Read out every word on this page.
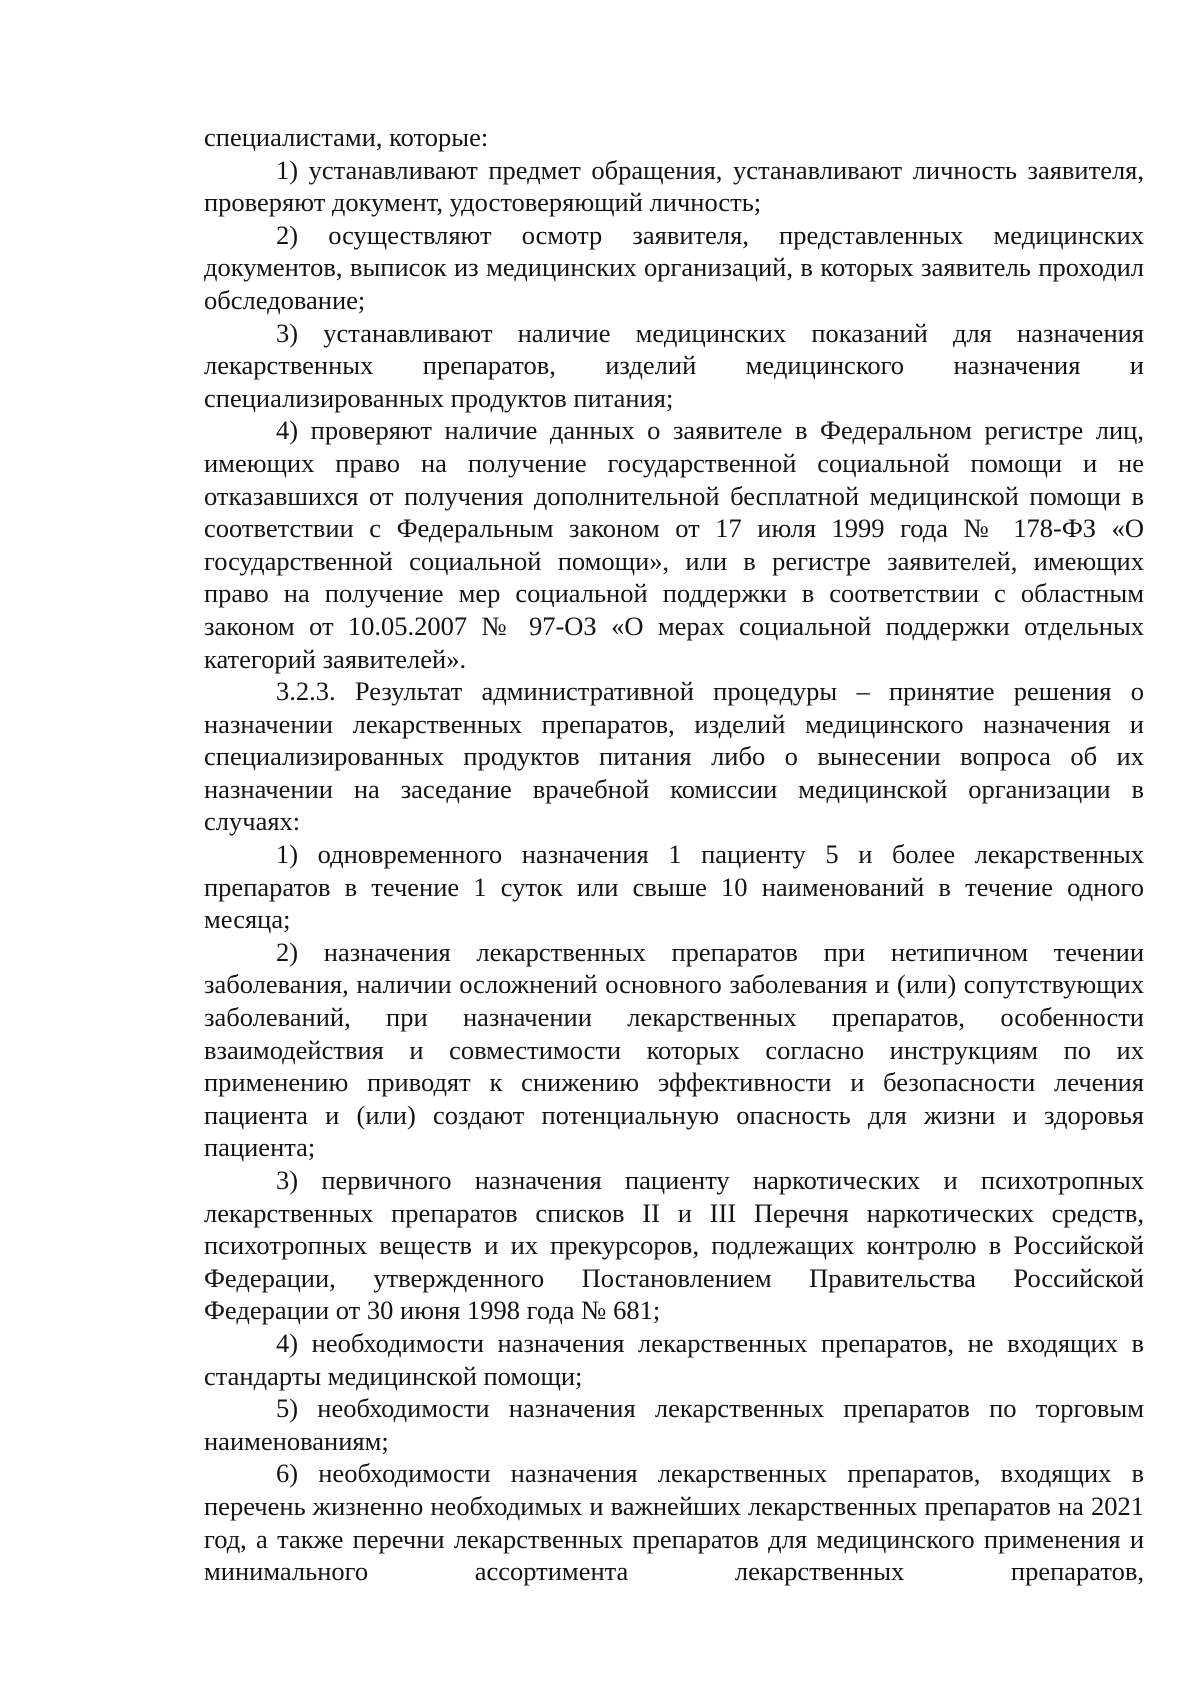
специалистами, которые:

1) устанавливают предмет обращения, устанавливают личность заявителя, проверяют документ, удостоверяющий личность;

2) осуществляют осмотр заявителя, представленных медицинских документов, выписок из медицинских организаций, в которых заявитель проходил обследование;

3) устанавливают наличие медицинских показаний для назначения лекарственных препаратов, изделий медицинского назначения и специализированных продуктов питания;

4) проверяют наличие данных о заявителе в Федеральном регистре лиц, имеющих право на получение государственной социальной помощи и не отказавшихся от получения дополнительной бесплатной медицинской помощи в соответствии с Федеральным законом от 17 июля 1999 года № 178-ФЗ «О государственной социальной помощи», или в регистре заявителей, имеющих право на получение мер социальной поддержки в соответствии с областным законом от 10.05.2007 № 97-ОЗ «О мерах социальной поддержки отдельных категорий заявителей».

3.2.3. Результат административной процедуры – принятие решения о назначении лекарственных препаратов, изделий медицинского назначения и специализированных продуктов питания либо о вынесении вопроса об их назначении на заседание врачебной комиссии медицинской организации в случаях:

1) одновременного назначения 1 пациенту 5 и более лекарственных препаратов в течение 1 суток или свыше 10 наименований в течение одного месяца;

2) назначения лекарственных препаратов при нетипичном течении заболевания, наличии осложнений основного заболевания и (или) сопутствующих заболеваний, при назначении лекарственных препаратов, особенности взаимодействия и совместимости которых согласно инструкциям по их применению приводят к снижению эффективности и безопасности лечения пациента и (или) создают потенциальную опасность для жизни и здоровья пациента;

3) первичного назначения пациенту наркотических и психотропных лекарственных препаратов списков II и III Перечня наркотических средств, психотропных веществ и их прекурсоров, подлежащих контролю в Российской Федерации, утвержденного Постановлением Правительства Российской Федерации от 30 июня 1998 года № 681;

4) необходимости назначения лекарственных препаратов, не входящих в стандарты медицинской помощи;

5) необходимости назначения лекарственных препаратов по торговым наименованиям;

6) необходимости назначения лекарственных препаратов, входящих в перечень жизненно необходимых и важнейших лекарственных препаратов на 2021 год, а также перечни лекарственных препаратов для медицинского применения и минимального ассортимента лекарственных препаратов,
